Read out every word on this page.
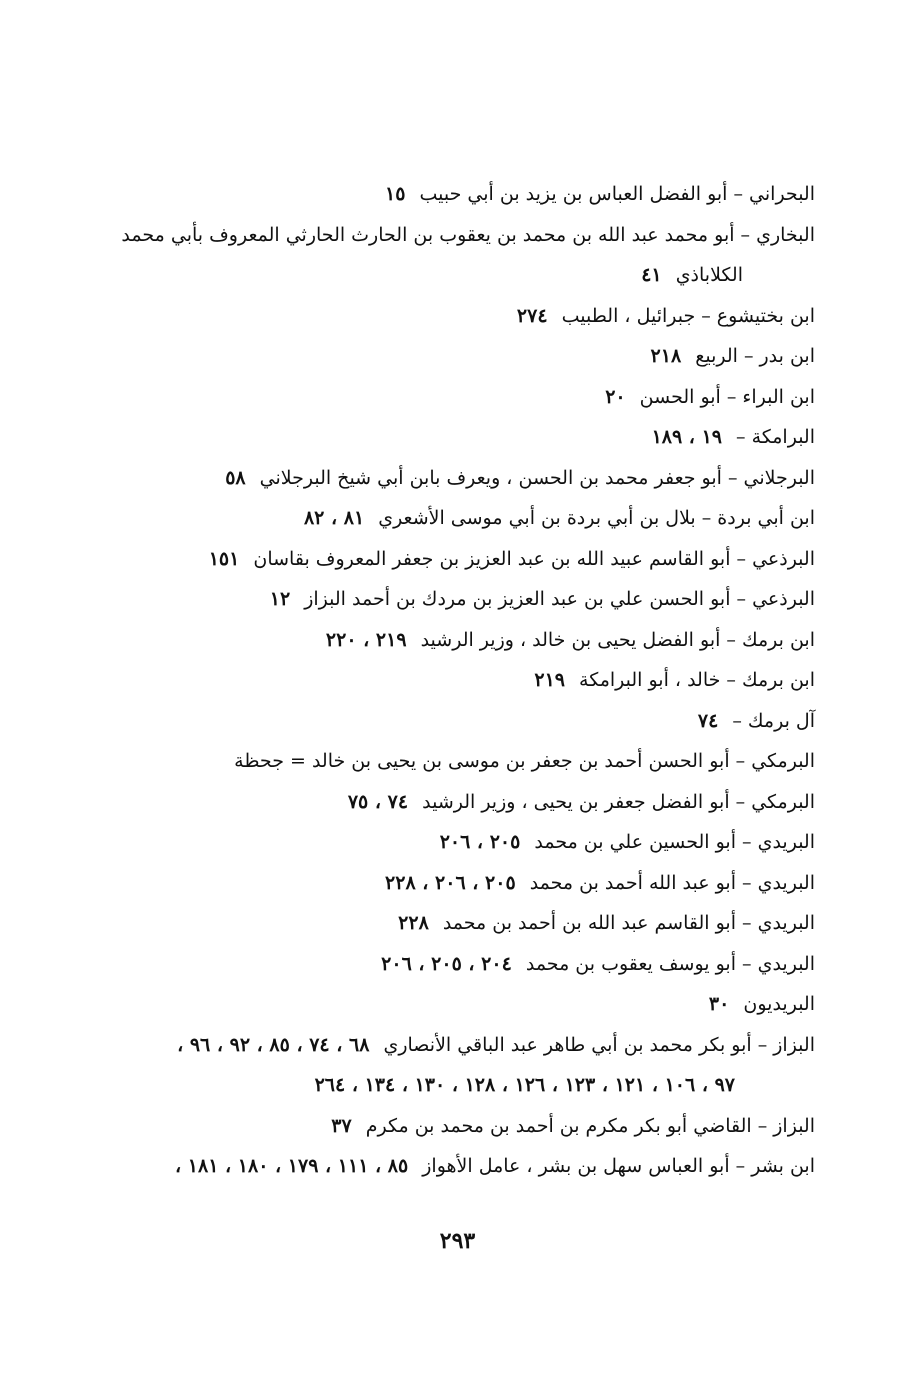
البحراني – أبو الفضل العباس بن يزيد بن أبي حبيب ١٥
البخاري – أبو محمد عبد الله بن محمد بن يعقوب بن الحارث الحارثي المعروف بأبي محمد
الكلاباذي ٤١
ابن بختيشوع – جبرائيل ، الطبيب ٢٧٤
ابن بدر – الربيع ٢١٨
ابن البراء – أبو الحسن ٢٠
البرامكة – ١٩ ، ١٨٩
البرجلاني – أبو جعفر محمد بن الحسن ، ويعرف بابن أبي شيخ البرجلاني ٥٨
ابن أبي بردة – بلال بن أبي بردة بن أبي موسى الأشعري ٨١ ، ٨٢
البرذعي – أبو القاسم عبيد الله بن عبد العزيز بن جعفر المعروف بقاسان ١٥١
البرذعي – أبو الحسن علي بن عبد العزيز بن مردك بن أحمد البزاز ١٢
ابن برمك – أبو الفضل يحيى بن خالد ، وزير الرشيد ٢١٩ ، ٢٢٠
ابن برمك – خالد ، أبو البرامكة ٢١٩
آل برمك – ٧٤
البرمكي – أبو الحسن أحمد بن جعفر بن موسى بن يحيى بن خالد = جحظة
البرمكي – أبو الفضل جعفر بن يحيى ، وزير الرشيد ٧٤ ، ٧٥
البريدي – أبو الحسين علي بن محمد ٢٠٥ ، ٢٠٦
البريدي – أبو عبد الله أحمد بن محمد ٢٠٥ ، ٢٠٦ ، ٢٢٨
البريدي – أبو القاسم عبد الله بن أحمد بن محمد ٢٢٨
البريدي – أبو يوسف يعقوب بن محمد ٢٠٤ ، ٢٠٥ ، ٢٠٦
البريديون ٣٠
البزاز – أبو بكر محمد بن أبي طاهر عبد الباقي الأنصاري ٦٨ ، ٧٤ ، ٨٥ ، ٩٢ ، ٩٦ ،
٩٧ ، ١٠٦ ، ١٢١ ، ١٢٣ ، ١٢٦ ، ١٢٨ ، ١٣٠ ، ١٣٤ ، ٢٦٤
البزاز – القاضي أبو بكر مكرم بن أحمد بن محمد بن مكرم ٣٧
ابن بشر – أبو العباس سهل بن بشر ، عامل الأهواز ٨٥ ، ١١١ ، ١٧٩ ، ١٨٠ ، ١٨١ ،
٢٩٣
